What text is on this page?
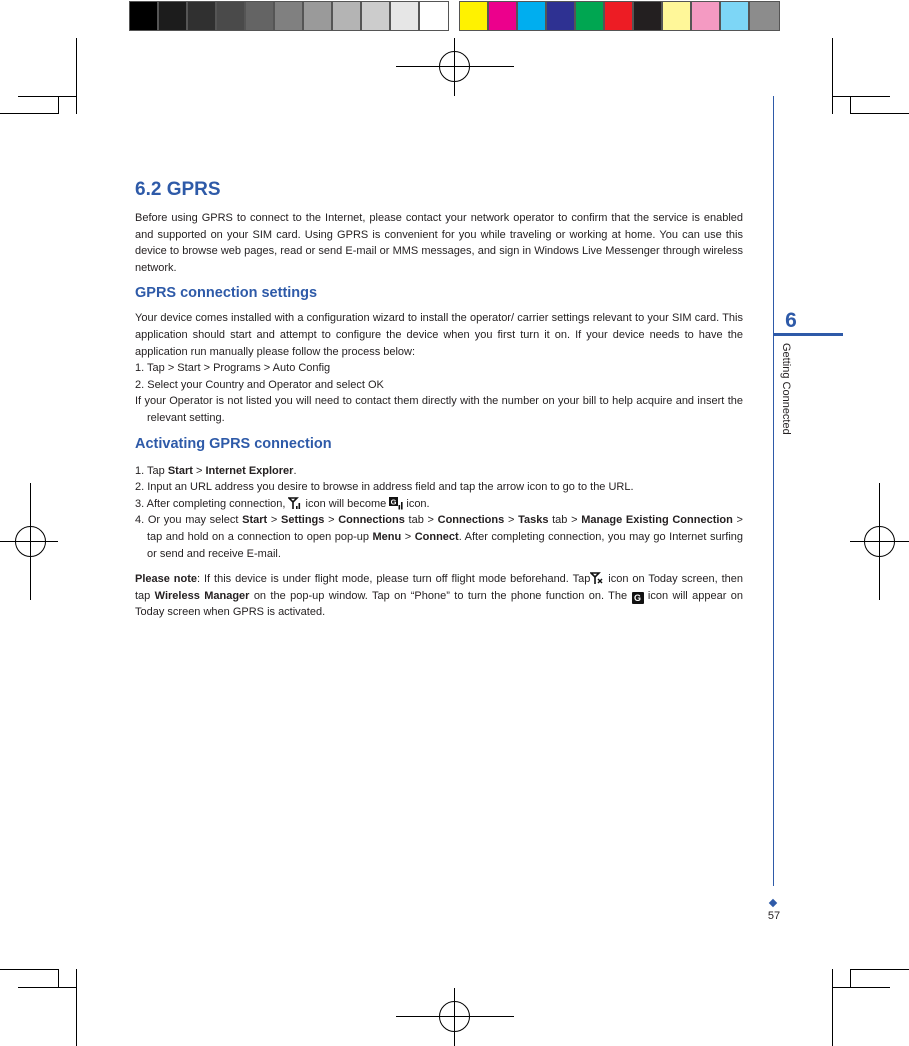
6
Getting Connected
57
6.2 GPRS

Before using GPRS to connect to the Internet, please contact your network operator to confirm that the service is enabled and supported on your SIM card. Using GPRS is convenient for you while traveling or working at home. You can use this device to browse web pages, read or send E-mail or MMS messages, and sign in Windows Live Messenger through wireless network.

GPRS connection settings

Your device comes installed with a configuration wizard to install the operator/ carrier settings relevant to your SIM card. This application should start and attempt to configure the device when you first turn it on. If your device needs to have the application run manually please follow the process below:

1. Tap > Start > Programs > Auto Config

2. Select your Country and Operator and select OK

If your Operator is not listed you will need to contact them directly with the number on your bill to help acquire and insert the relevant setting.

Activating GPRS connection

1. Tap Start > Internet Explorer.

2. Input an URL address you desire to browse in address field and tap the arrow icon to go to the URL.

3. After completing connection,  icon will become G icon.

4. Or you may select Start > Settings > Connections tab > Connections > Tasks tab > Manage Existing Connection > tap and hold on a connection to open pop-up Menu > Connect. After completing connection, you may go Internet surfing or send and receive E-mail.

Please note: If this device is under flight mode, please turn off flight mode beforehand. Tap icon on Today screen, then tap Wireless Manager on the pop-up window. Tap on “Phone” to turn the phone function on. The G icon will appear on Today screen when GPRS is activated.
